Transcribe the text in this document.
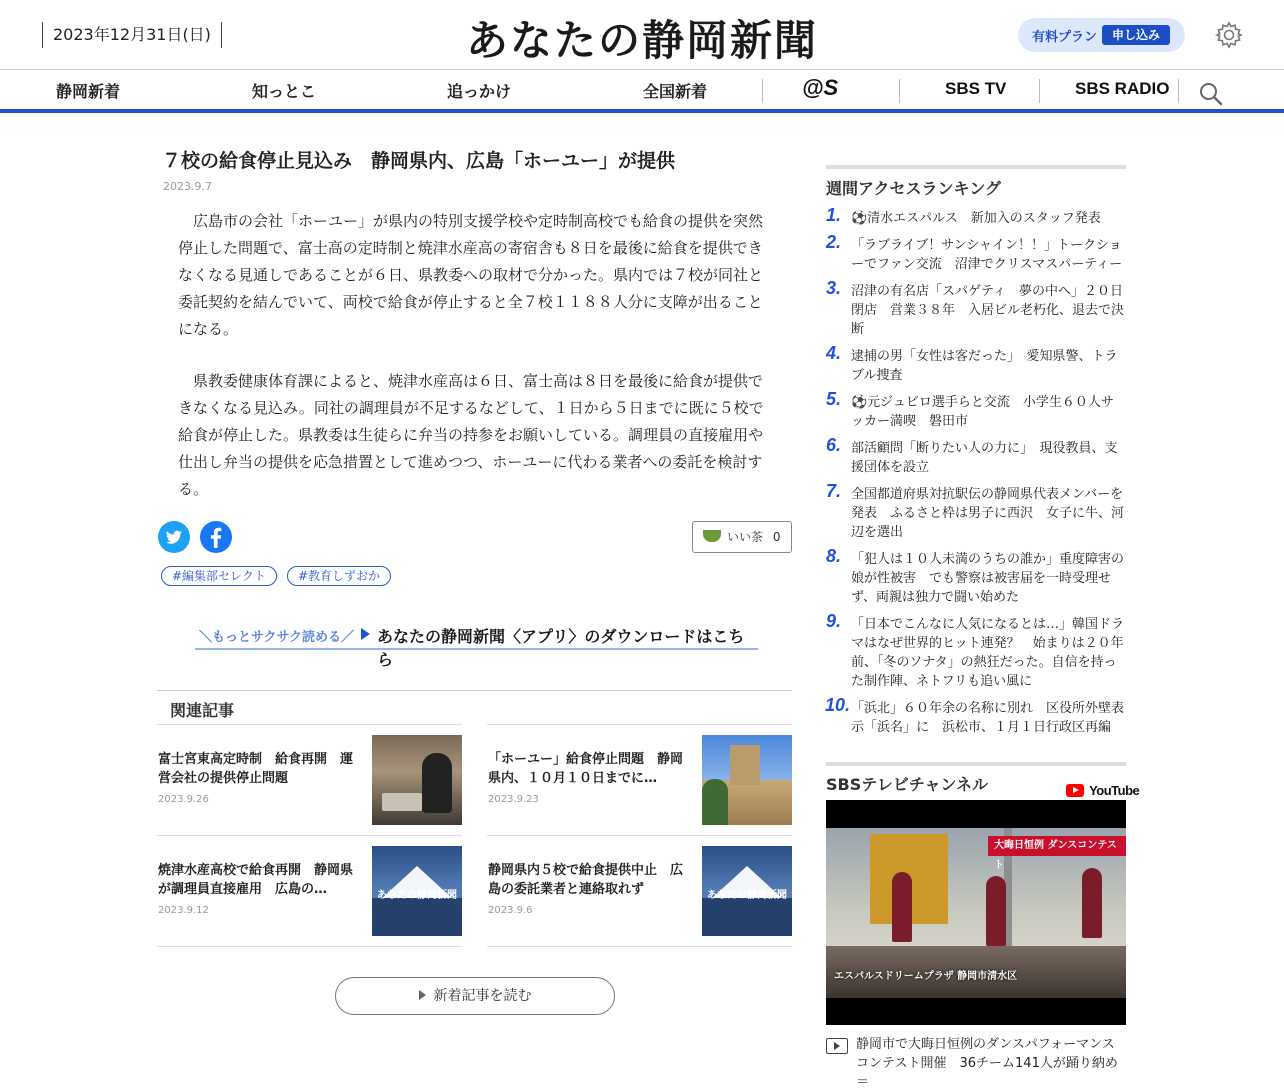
2023年12月31日(日)	あなたの静岡新聞	有料プラン	申し込み
静岡新着	知っとこ	追っかけ	全国新着	@S	SBS TV	SBS RADIO
７校の給食停止見込み　静岡県内、広島「ホーユー」が提供
2023.9.7

広島市の会社「ホーユー」が県内の特別支援学校や定時制高校でも給食の提供を突然停止した問題で、富士高の定時制と焼津水産高の寄宿舎も８日を最後に給食を提供できなくなる見通しであることが６日、県教委への取材で分かった。県内では７校が同社と委託契約を結んでいて、両校で給食が停止すると全７校１１８８人分に支障が出ることになる。

県教委健康体育課によると、焼津水産高は６日、富士高は８日を最後に給食が提供できなくなる見込み。同社の調理員が不足するなどして、１日から５日までに既に５校で給食が停止した。県教委は生徒らに弁当の持参をお願いしている。調理員の直接雇用や仕出し弁当の提供を応急措置として進めつつ、ホーユーに代わる業者への委託を検討する。

いい茶 0
#編集部セレクト	#教育しずおか
＼もっとサクサク読める／ あなたの静岡新聞〈アプリ〉のダウンロードはこちら
関連記事
富士宮東高定時制　給食再開　運営会社の提供停止問題
2023.9.26
「ホーユー」給食停止問題　静岡県内、１０月１０日までに…
2023.9.23
焼津水産高校で給食再開　静岡県が調理員直接雇用　広島の…
2023.9.12
あなたの静岡新聞
静岡県内５校で給食提供中止　広島の委託業者と連絡取れず
2023.9.6
あなたの静岡新聞
新着記事を読む
週間アクセスランキング
1. ⚽清水エスパルス　新加入のスタッフ発表
2. 「ラブライブ！サンシャイン！！」トークショーでファン交流　沼津でクリスマスパーティー
3. 沼津の有名店「スパゲティ　夢の中へ」２０日閉店　営業３８年　入居ビル老朽化、退去で決断
4. 逮捕の男「女性は客だった」　愛知県警、トラブル捜査
5. ⚽元ジュビロ選手らと交流　小学生６０人サッカー満喫　磐田市
6. 部活顧問「断りたい人の力に」　現役教員、支援団体を設立
7. 全国都道府県対抗駅伝の静岡県代表メンバーを発表　ふるさと枠は男子に西沢　女子に牛、河辺を選出
8. 「犯人は１０人未満のうちの誰か」重度障害の娘が性被害　でも警察は被害届を一時受理せず、両親は独力で闘い始めた
9. 「日本でこんなに人気になるとは…」韓国ドラマはなぜ世界的ヒット連発？　始まりは２０年前、「冬のソナタ」の熱狂だった。自信を持った制作陣、ネトフリも追い風に
10. 「浜北」６０年余の名称に別れ　区役所外壁表示「浜名」に　浜松市、１月１日行政区再編
SBSテレビチャンネル	YouTube
大晦日恒例 ダンスコンテスト
エスパルスドリームプラザ 静岡市清水区
静岡市で大晦日恒例のダンスパフォーマンスコンテスト開催　36チーム141人が踊り納め＝
